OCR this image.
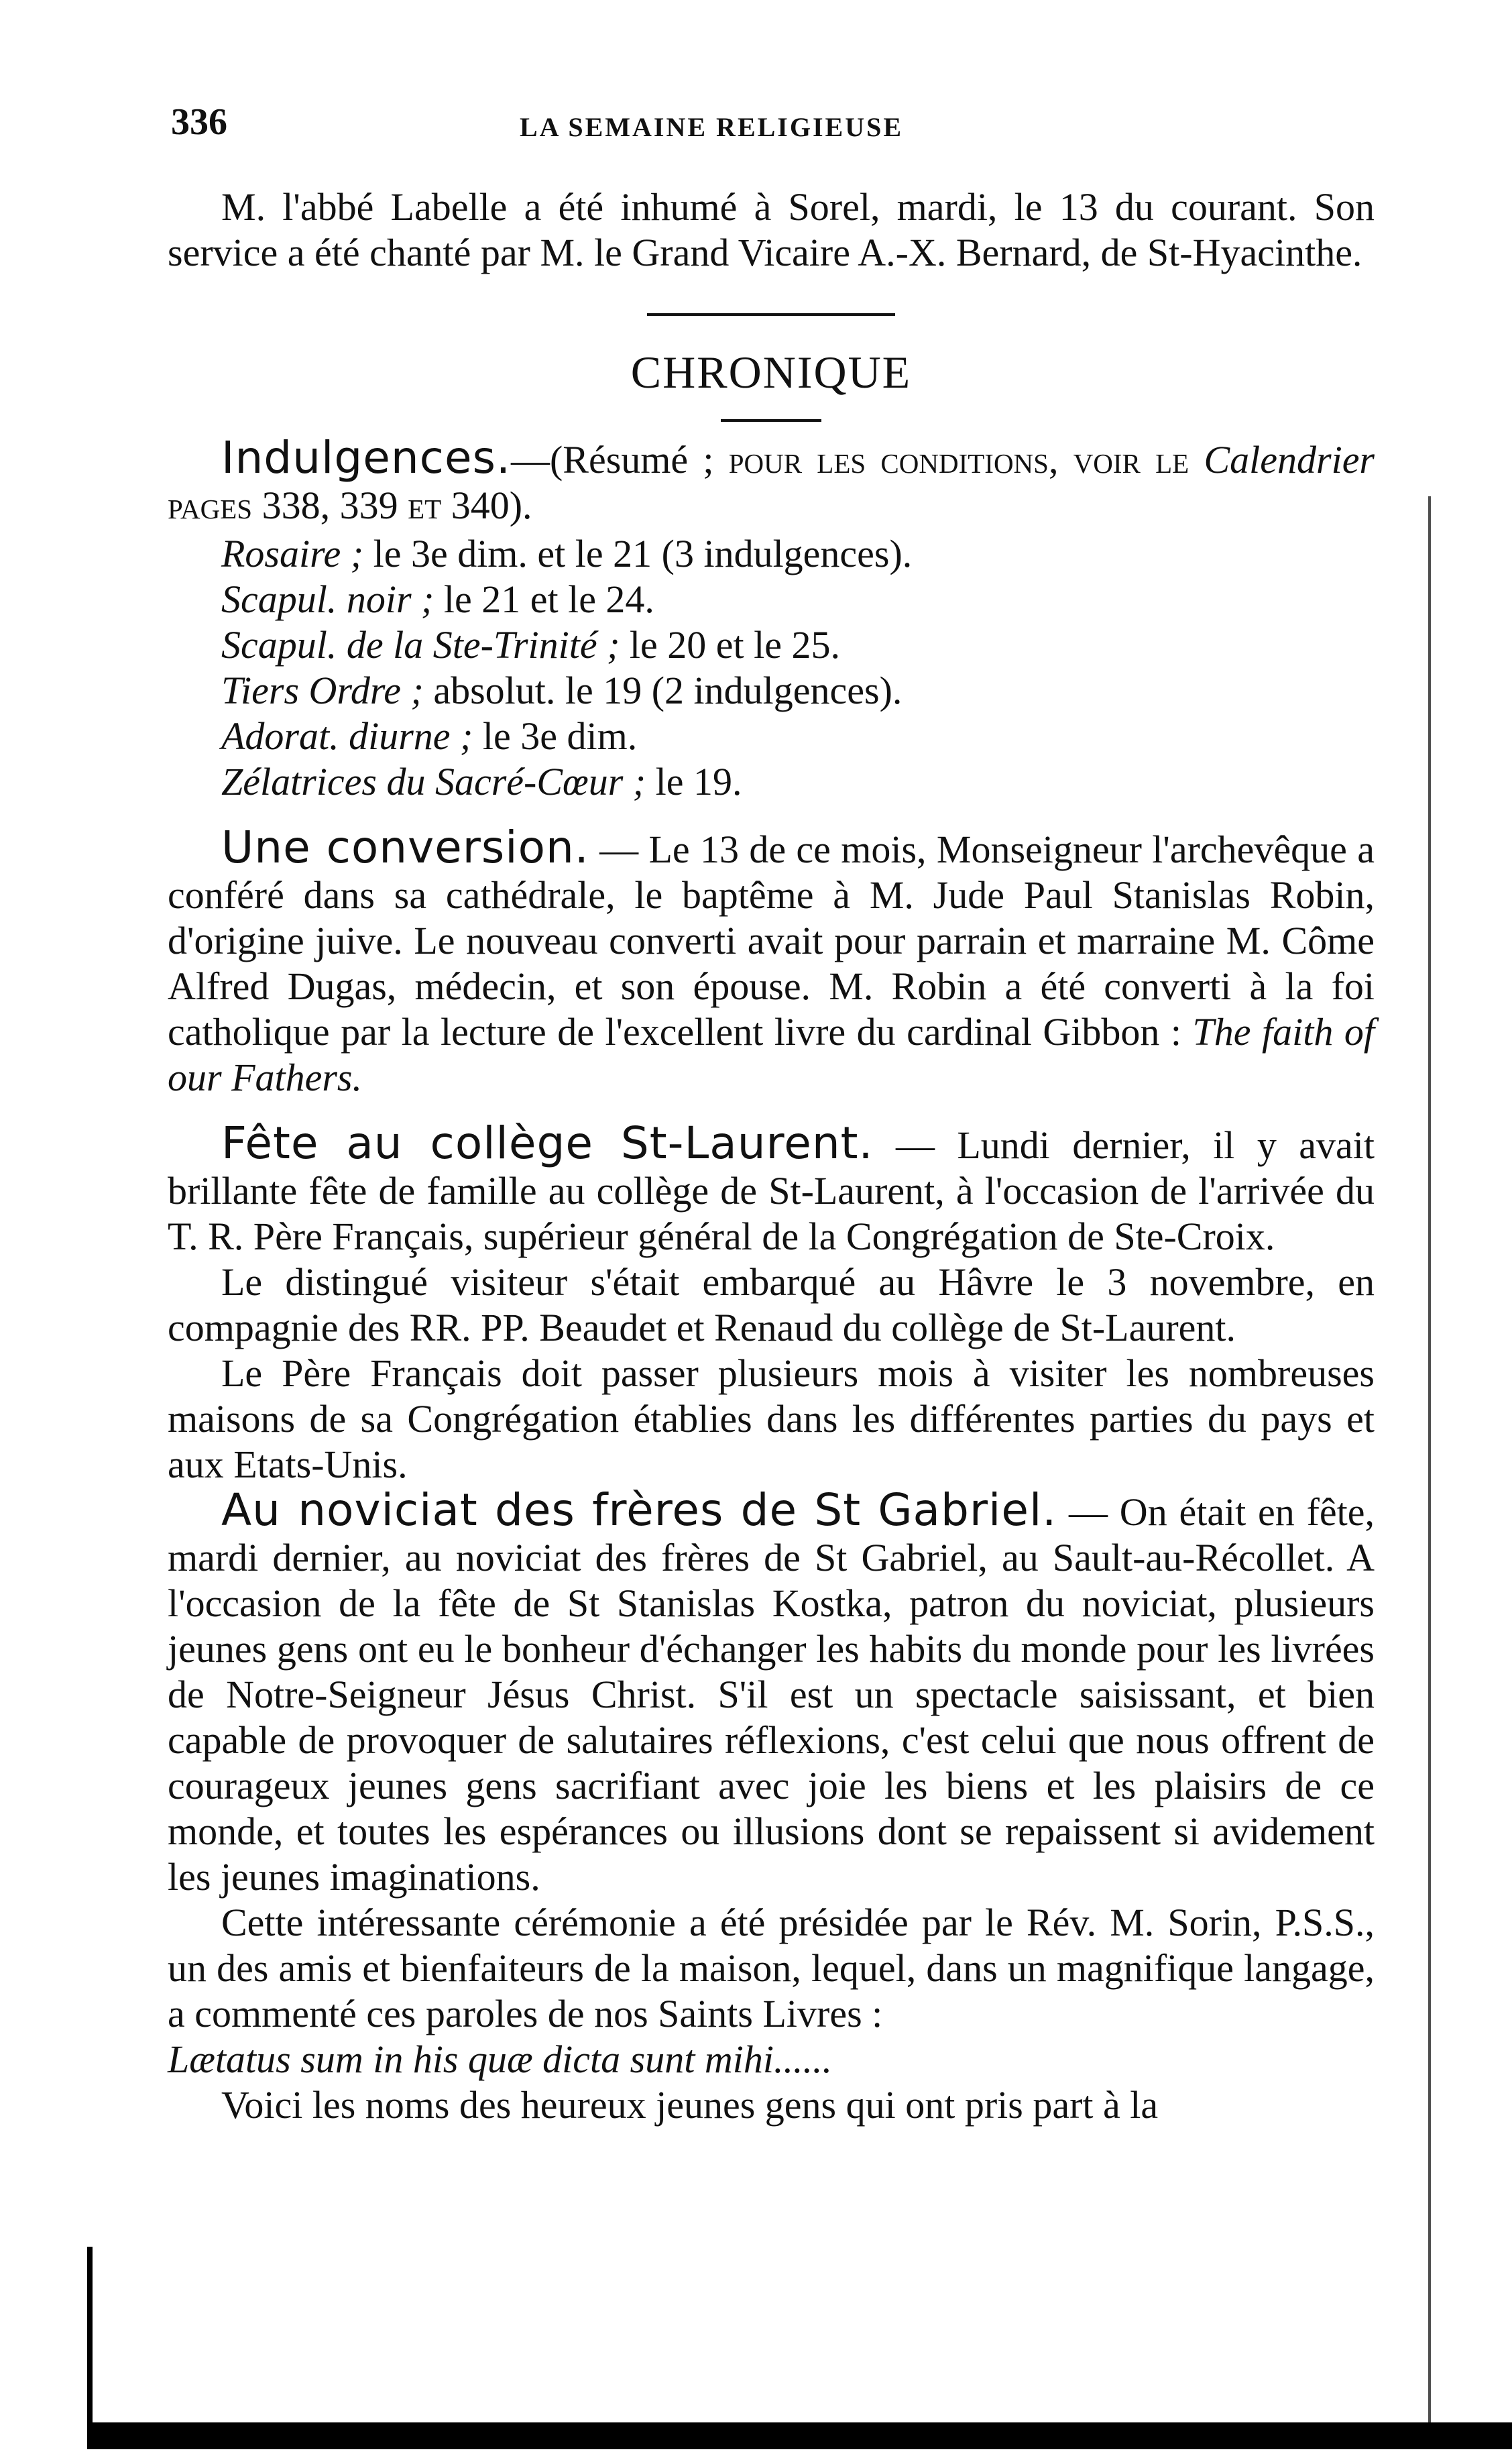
336	LA SEMAINE RELIGIEUSE

M. l'abbé Labelle a été inhumé à Sorel, mardi, le 13 du courant. Son service a été chanté par M. le Grand Vicaire A.-X. Bernard, de St-Hyacinthe.

CHRONIQUE

Indulgences.—(Résumé ; pour les conditions, voir le Calendrier pages 338, 339 et 340).

Rosaire ; le 3e dim. et le 21 (3 indulgences).
Scapul. noir ; le 21 et le 24.
Scapul. de la Ste-Trinité ; le 20 et le 25.
Tiers Ordre ; absolut. le 19 (2 indulgences).
Adorat. diurne ; le 3e dim.
Zélatrices du Sacré-Cœur ; le 19.

Une conversion. — Le 13 de ce mois, Monseigneur l'archevêque a conféré dans sa cathédrale, le baptême à M. Jude Paul Stanislas Robin, d'origine juive. Le nouveau converti avait pour parrain et marraine M. Côme Alfred Dugas, médecin, et son épouse. M. Robin a été converti à la foi catholique par la lecture de l'excellent livre du cardinal Gibbon : The faith of our Fathers.

Fête au collège St-Laurent. — Lundi dernier, il y avait brillante fête de famille au collège de St-Laurent, à l'occasion de l'arrivée du T. R. Père Français, supérieur général de la Congrégation de Ste-Croix.

Le distingué visiteur s'était embarqué au Hâvre le 3 novembre, en compagnie des RR. PP. Beaudet et Renaud du collège de St-Laurent.

Le Père Français doit passer plusieurs mois à visiter les nombreuses maisons de sa Congrégation établies dans les différentes parties du pays et aux Etats-Unis.

Au noviciat des frères de St Gabriel. — On était en fête, mardi dernier, au noviciat des frères de St Gabriel, au Sault-au-Récollet. A l'occasion de la fête de St Stanislas Kostka, patron du noviciat, plusieurs jeunes gens ont eu le bonheur d'échanger les habits du monde pour les livrées de Notre-Seigneur Jésus Christ. S'il est un spectacle saisissant, et bien capable de provoquer de salutaires réflexions, c'est celui que nous offrent de courageux jeunes gens sacrifiant avec joie les biens et les plaisirs de ce monde, et toutes les espérances ou illusions dont se repaissent si avidement les jeunes imaginations.

Cette intéressante cérémonie a été présidée par le Rév. M. Sorin, P.S.S., un des amis et bienfaiteurs de la maison, lequel, dans un magnifique langage, a commenté ces paroles de nos Saints Livres :
Lætatus sum in his quæ dicta sunt mihi......

Voici les noms des heureux jeunes gens qui ont pris part à la
